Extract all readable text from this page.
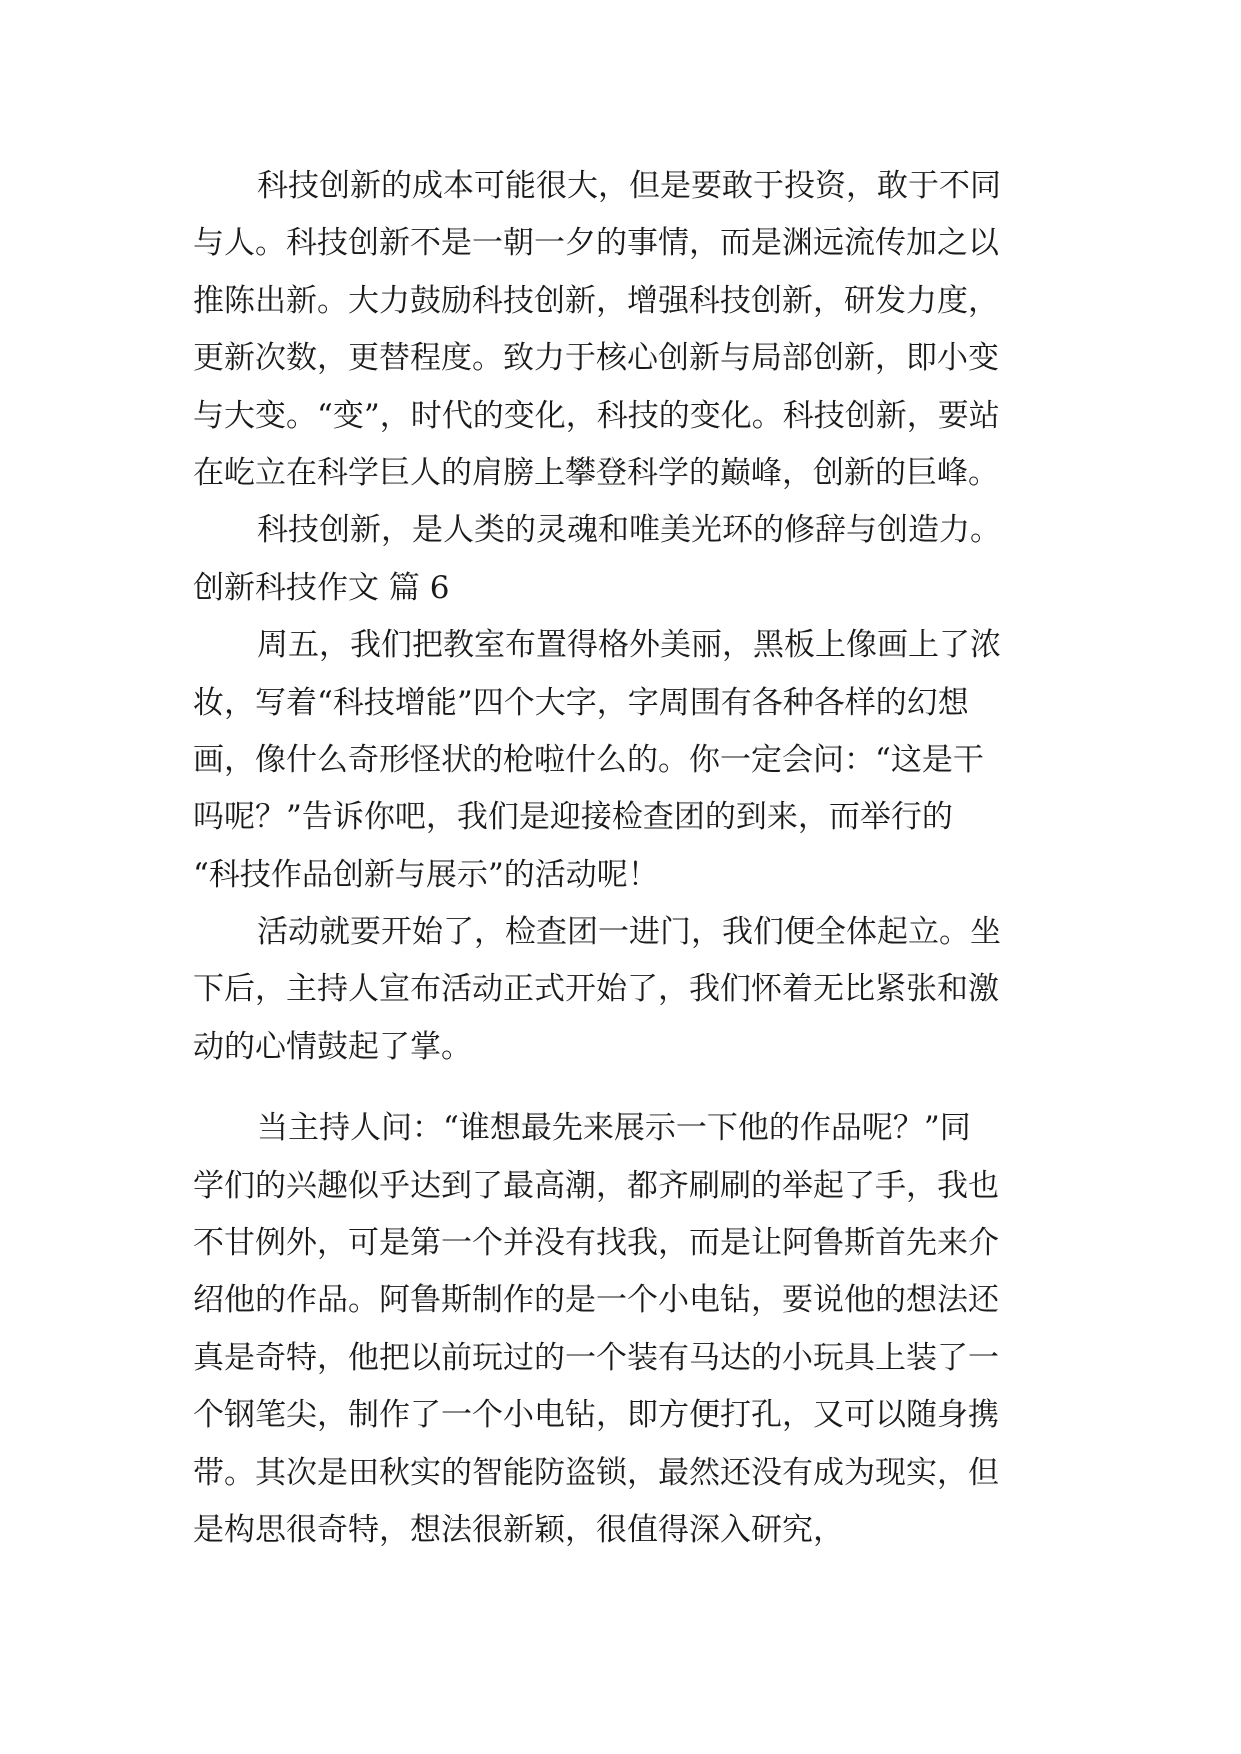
科技创新的成本可能很大，但是要敢于投资，敢于不同
与人。科技创新不是一朝一夕的事情，而是渊远流传加之以
推陈出新。大力鼓励科技创新，增强科技创新，研发力度，
更新次数，更替程度。致力于核心创新与局部创新，即小变
与大变。“变”，时代的变化，科技的变化。科技创新，要站
在屹立在科学巨人的肩膀上攀登科学的巅峰，创新的巨峰。
科技创新，是人类的灵魂和唯美光环的修辞与创造力。
创新科技作文 篇 6
周五，我们把教室布置得格外美丽，黑板上像画上了浓
妆，写着“科技增能”四个大字，字周围有各种各样的幻想
画，像什么奇形怪状的枪啦什么的。你一定会问：“这是干
吗呢？”告诉你吧，我们是迎接检查团的到来，而举行的
“科技作品创新与展示”的活动呢！
活动就要开始了，检查团一进门，我们便全体起立。坐
下后，主持人宣布活动正式开始了，我们怀着无比紧张和激
动的心情鼓起了掌。
当主持人问：“谁想最先来展示一下他的作品呢？”同
学们的兴趣似乎达到了最高潮，都齐刷刷的举起了手，我也
不甘例外，可是第一个并没有找我，而是让阿鲁斯首先来介
绍他的作品。阿鲁斯制作的是一个小电钻，要说他的想法还
真是奇特，他把以前玩过的一个装有马达的小玩具上装了一
个钢笔尖，制作了一个小电钻，即方便打孔，又可以随身携
带。其次是田秋实的智能防盗锁，最然还没有成为现实，但
是构思很奇特，想法很新颖，很值得深入研究，
